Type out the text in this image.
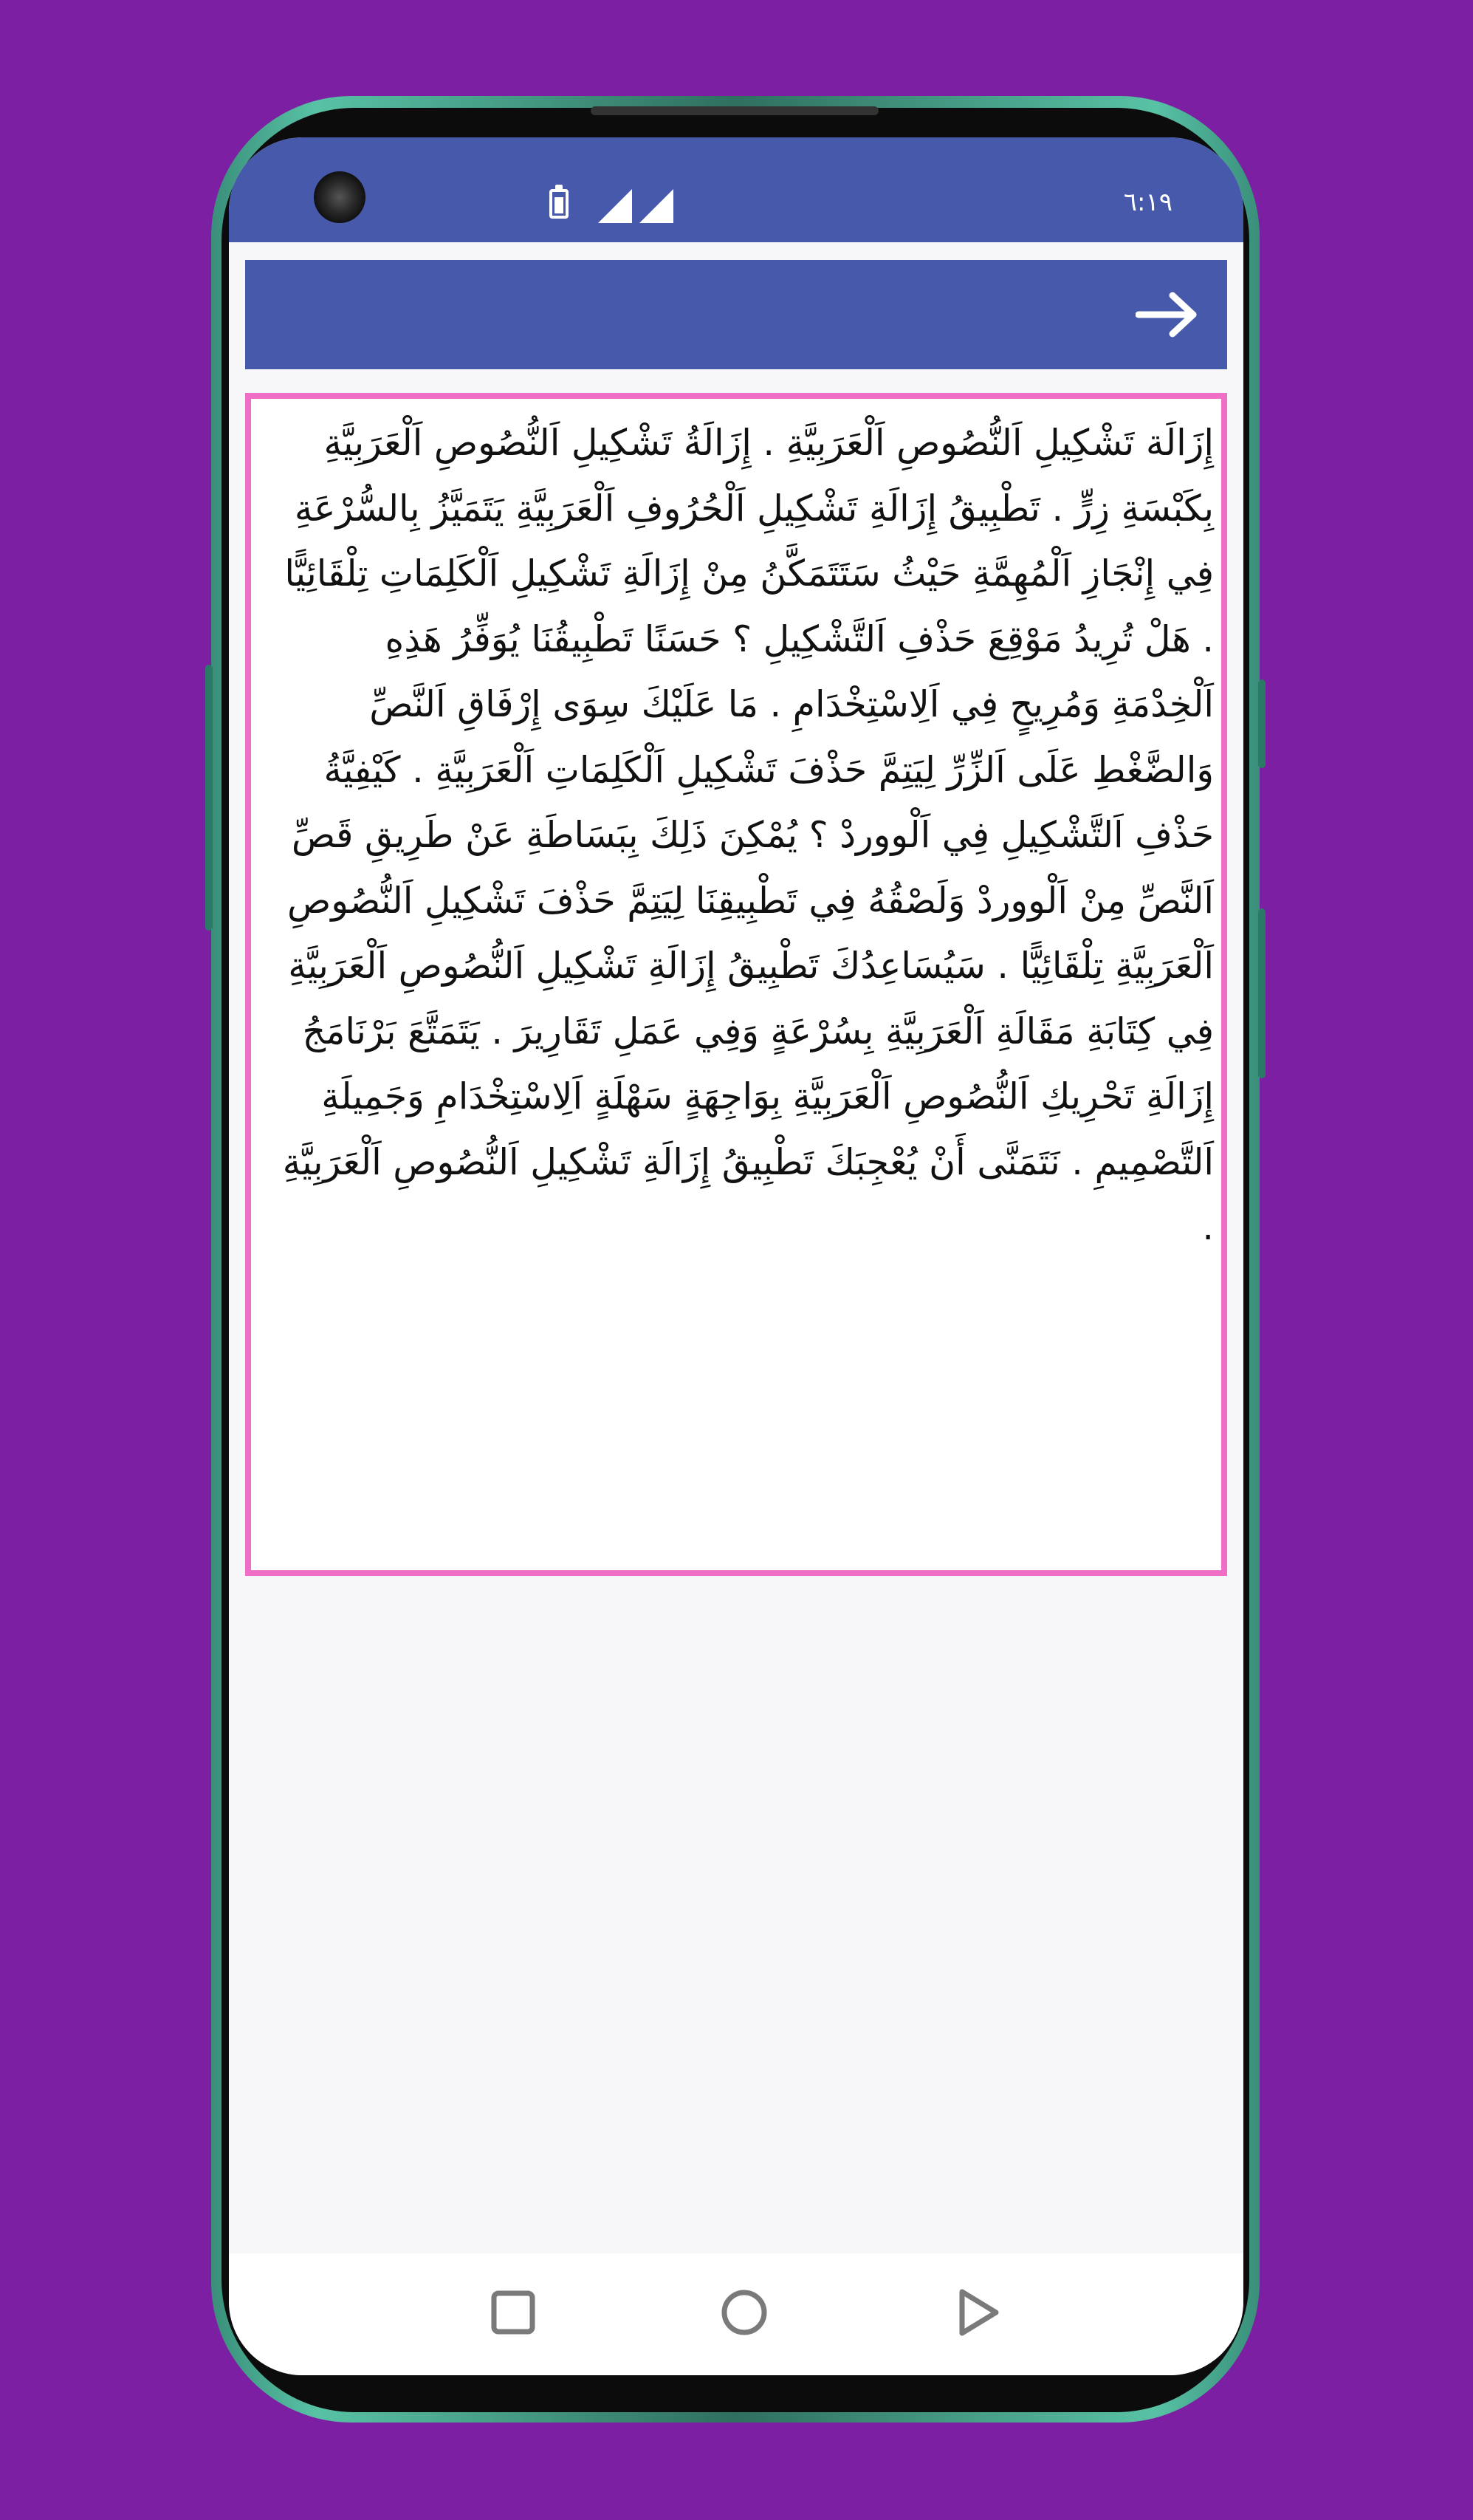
٦:١٩

إِزَالَة تَشْكِيلِ اَلنُّصُوصِ اَلْعَرَبِيَّةِ . إِزَالَةُ تَشْكِيلِ اَلنُّصُوصِ اَلْعَرَبِيَّةِ بِكَبْسَةِ زِرٍّ . تَطْبِيقُ إِزَالَةِ تَشْكِيلِ اَلْحُرُوفِ اَلْعَرَبِيَّةِ يَتَمَيَّزُ بِالسُّرْعَةِ فِي إِنْجَازِ اَلْمُهِمَّةِ حَيْثُ سَتَتَمَكَّنُ مِنْ إِزَالَةِ تَشْكِيلِ اَلْكَلِمَاتِ تِلْقَائِيًّا . هَلْ تُرِيدُ مَوْقِعَ حَذْفِ اَلتَّشْكِيلِ ؟ حَسَنًا تَطْبِيقُنَا يُوَفِّرُ هَذِهِ اَلْخِدْمَةِ وَمُرِيحٍ فِي اَلِاسْتِخْدَامِ . مَا عَلَيْكَ سِوَى إِرْفَاقِ اَلنَّصِّ وَالضَّغْطِ عَلَى اَلزِّرِّ لِيَتِمَّ حَذْفَ تَشْكِيلِ اَلْكَلِمَاتِ اَلْعَرَبِيَّةِ . كَيْفِيَّةُ حَذْفِ اَلتَّشْكِيلِ فِي اَلْووردْ ؟ يُمْكِنَ ذَلِكَ بِبَسَاطَةِ عَنْ طَرِيقِ قَصِّ اَلنَّصِّ مِنْ اَلْووردْ وَلَصْقُهُ فِي تَطْبِيقِنَا لِيَتِمَّ حَذْفَ تَشْكِيلِ اَلنُّصُوصِ اَلْعَرَبِيَّةِ تِلْقَائِيًّا . سَيُسَاعِدُكَ تَطْبِيقُ إِزَالَةِ تَشْكِيلِ اَلنُّصُوصِ اَلْعَرَبِيَّةِ فِي كِتَابَةِ مَقَالَةِ اَلْعَرَبِيَّةِ بِسُرْعَةٍ وَفِي عَمَلِ تَقَارِيرَ . يَتَمَتَّعَ بَرْنَامَجُ إِزَالَةِ تَحْرِيكِ اَلنُّصُوصِ اَلْعَرَبِيَّةِ بِوَاجِهَةٍ سَهْلَةٍ اَلِاسْتِخْدَامِ وَجَمِيلَةِ اَلتَّصْمِيمِ . نَتَمَنَّى أَنْ يُعْجِبَكَ تَطْبِيقُ إِزَالَةِ تَشْكِيلِ اَلنُّصُوصِ اَلْعَرَبِيَّةِ .
